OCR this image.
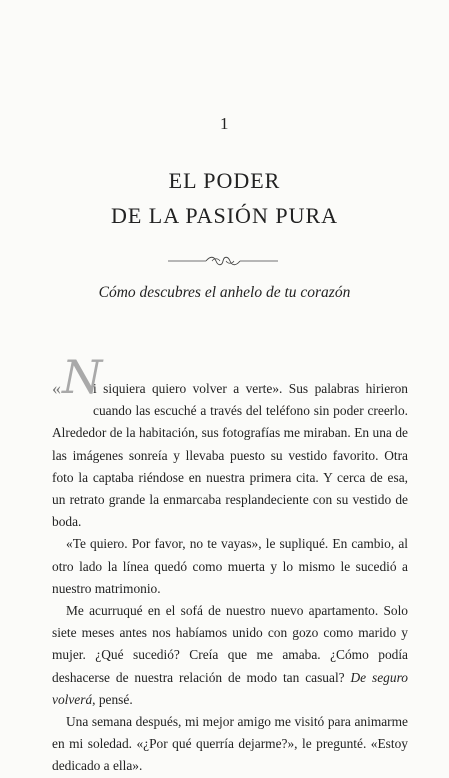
1
EL PODER
DE LA PASIÓN PURA
Cómo descubres el anhelo de tu corazón

« N
i siquiera quiero volver a verte». Sus palabras hirieron cuando las escuché a través del teléfono sin poder creerlo. Alrededor de la habitación, sus fotografías me miraban. En una de las imágenes sonreía y llevaba puesto su vestido favorito. Otra foto la captaba riéndose en nuestra primera cita. Y cerca de esa, un retrato grande la enmarcaba resplandeciente con su vestido de boda.

«Te quiero. Por favor, no te vayas», le supliqué. En cambio, al otro lado la línea quedó como muerta y lo mismo le sucedió a nuestro matrimonio.

Me acurruqué en el sofá de nuestro nuevo apartamento. Solo siete meses antes nos habíamos unido con gozo como marido y mujer. ¿Qué sucedió? Creía que me amaba. ¿Cómo podía deshacerse de nuestra relación de modo tan casual? De seguro volverá, pensé.

Una semana después, mi mejor amigo me visitó para animarme en mi soledad. «¿Por qué querría dejarme?», le pregunté. «Estoy dedicado a ella».
